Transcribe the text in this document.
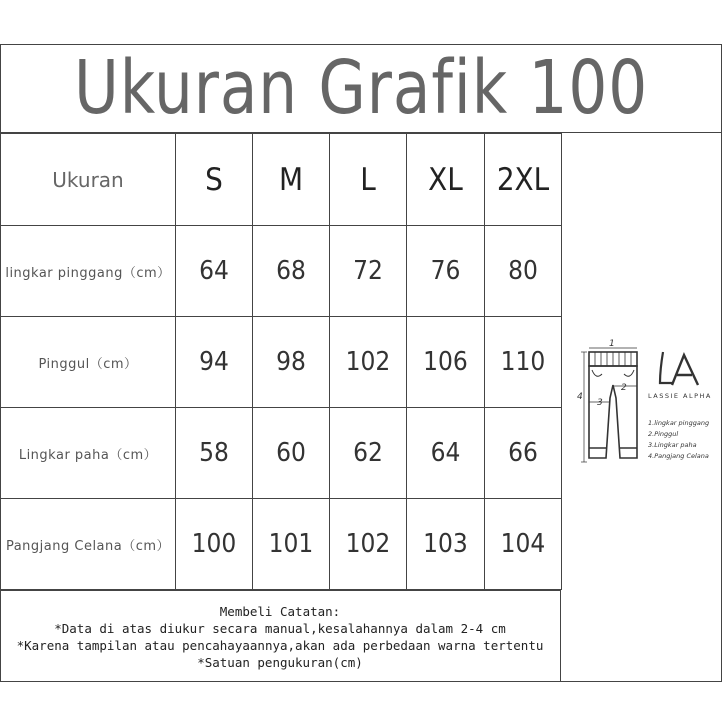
Ukuran Grafik 100
Ukuran	S	M	L	XL	2XL
lingkar pinggang（cm）	64	68	72	76	80
Pinggul（cm）	94	98	102	106	110
Lingkar paha（cm）	58	60	62	64	66
Pangjang Celana（cm）	100	101	102	103	104
Membeli Catatan:
*Data di atas diukur secara manual,kesalahannya dalam 2-4 cm
*Karena tampilan atau pencahayaannya,akan ada perbedaan warna tertentu
*Satuan pengukuran(cm)
1
2
3
4	LASSIE ALPHA
1.lingkar pinggang
2.Pinggul
3.Lingkar paha
4.Pangjang Celana
